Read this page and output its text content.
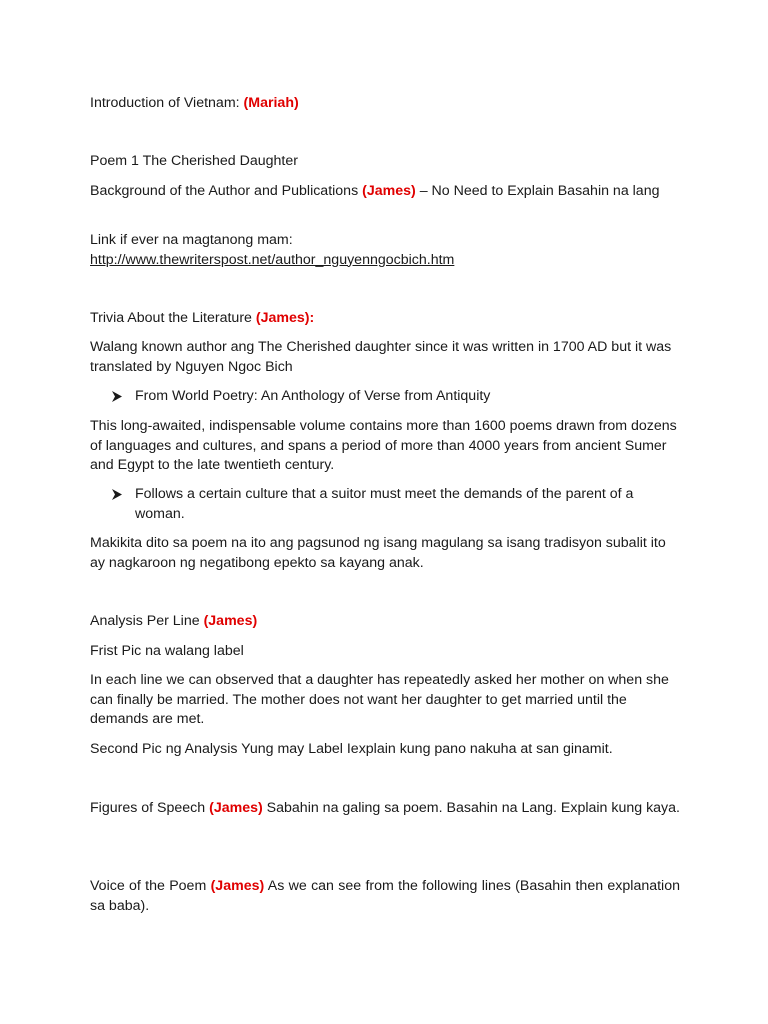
Introduction of Vietnam: (Mariah)

Poem 1 The Cherished Daughter

Background of the Author and Publications (James) – No Need to Explain Basahin na lang

Link if ever na magtanong mam:
http://www.thewriterspost.net/author_nguyenngocbich.htm

Trivia About the Literature (James):

Walang known author ang The Cherished daughter since it was written in 1700 AD but it was translated by Nguyen Ngoc Bich

From World Poetry: An Anthology of Verse from Antiquity

This long-awaited, indispensable volume contains more than 1600 poems drawn from dozens of languages and cultures, and spans a period of more than 4000 years from ancient Sumer and Egypt to the late twentieth century.

Follows a certain culture that a suitor must meet the demands of the parent of a woman.

Makikita dito sa poem na ito ang pagsunod ng isang magulang sa isang tradisyon subalit ito ay nagkaroon ng negatibong epekto sa kayang anak.

Analysis Per Line (James)

Frist Pic na walang label

In each line we can observed that a daughter has repeatedly asked her mother on when she can finally be married. The mother does not want her daughter to get married until the demands are met.

Second Pic ng Analysis Yung may Label Iexplain kung pano nakuha at san ginamit.

Figures of Speech (James) Sabahin na galing sa poem. Basahin na Lang. Explain kung kaya.

Voice of the Poem (James) As we can see from the following lines (Basahin then explanation sa baba).
